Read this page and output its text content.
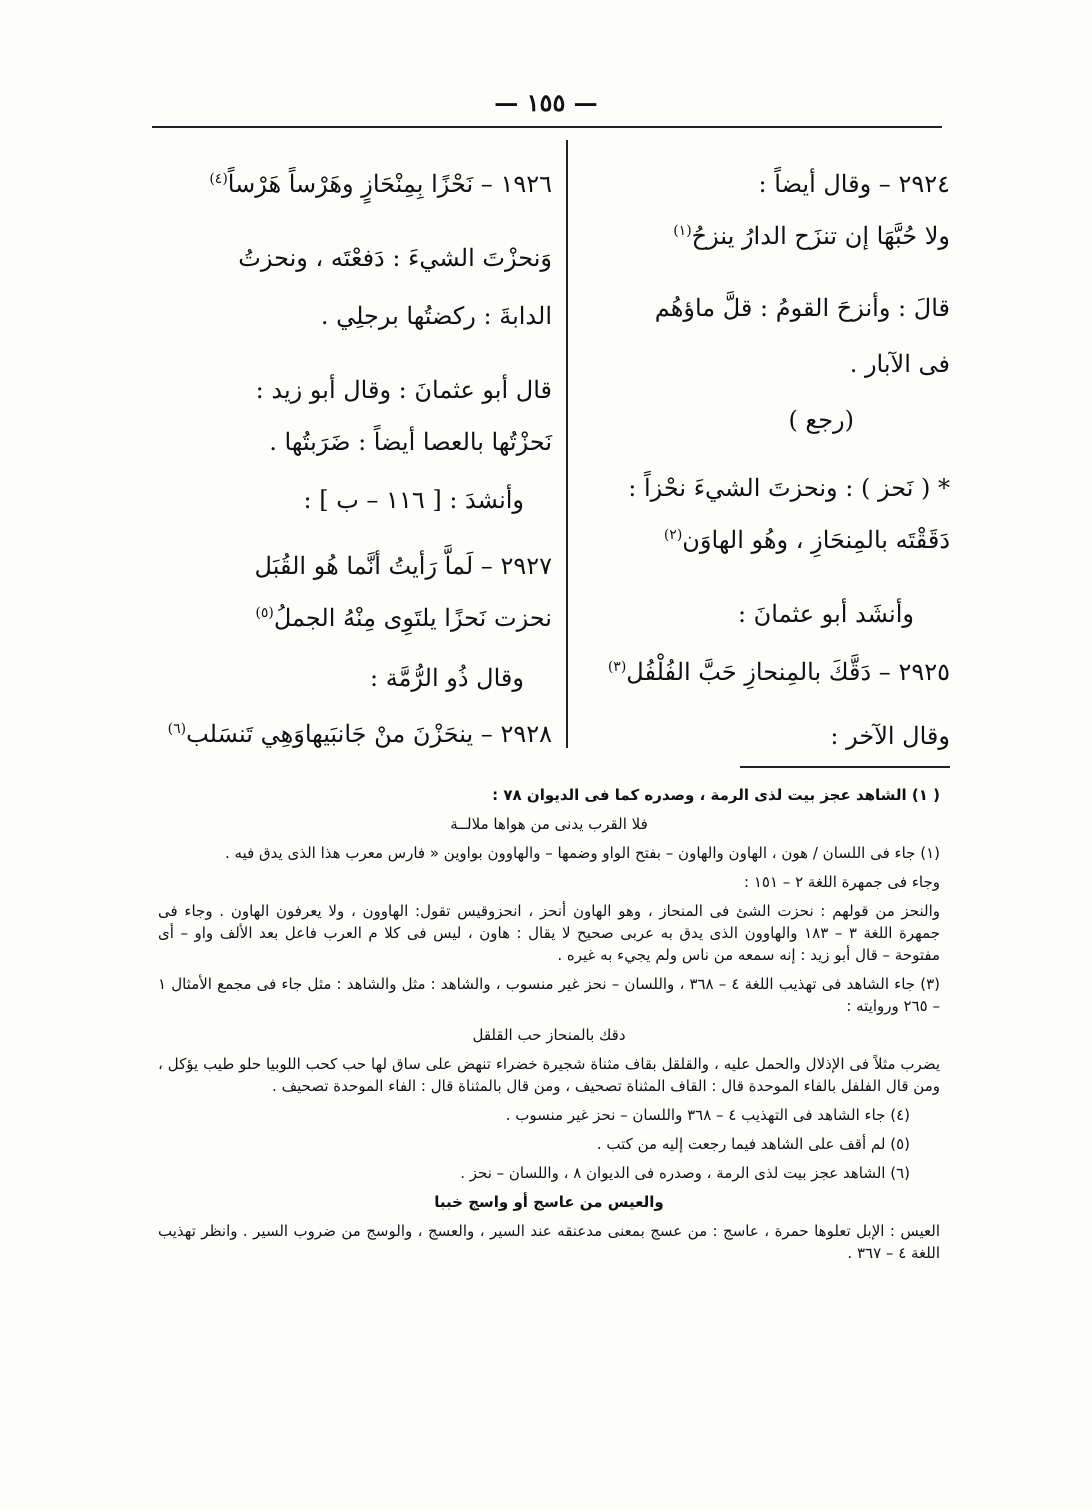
— ١٥٥ —
٢٩٢٤ – وقال أيضاً :
ولا حُبَّهَا إن تنزَح الدارُ ينزحُ$^{(١)}$
قالَ : وأنزحَ القومُ : قلَّ ماؤهُم
فى الآبار .
(رجع )
* ( نَحز ) : ونحزتَ الشيءَ نحْزاً :
دَقَقْتَه بالمِنحَازِ ، وهُو الهاوَن$^{(٢)}$
وأنشَد أبو عثمانَ :
٢٩٢٥ – دَقَّكَ بالمِنحازِ حَبَّ الفُلْفُل$^{(٣)}$
وقال الآخر :
١٩٢٦ – نَحْزًا بِمِنْحَازٍ وهَرْساً هَرْساً$^{(٤)}$
وَنحزْتَ الشيءَ : دَفعْتَه ، ونحزتُ
الدابةَ : ركضتُها برجلِي .
قال أبو عثمانَ : وقال أبو زيد :
نَحزْتُها بالعصا أيضاً : ضَرَبتُها .
وأنشدَ : [ ١١٦ – ب ] :
٢٩٢٧ – لَماَّ رَأيتُ أنَّما هُو القُبَل
نحزت نَحزًا يلتَوِى مِنْهُ الجملُ$^{(٥)}$
وقال ذُو الرُّمَّة :
٢٩٢٨ – ينحَزْنَ منْ جَانبَيهاوَهِي تَنسَلب$^{(٦)}$

( ١) الشاهد عجز بيت لذى الرمة ، وصدره كما فى الديوان ٧٨ :

فلا القرب يدنى من هواها ملالــة

(١) جاء فى اللسان / هون ، الهاون والهاون – بفتح الواو وضمها – والهاوون بواوين « فارس معرب هذا الذى يدق فيه .

وجاء فى جمهرة اللغة ٢ – ١٥١ :

والنحز من قولهم : نحزت الشئ فى المنحاز ، وهو الهاون أنحز ، انحزوقيس تقول: الهاوون ، ولا يعرفون الهاون . وجاء فى جمهرة اللغة ٣ – ١٨٣ والهاوون الذى يدق به عربى صحيح لا يقال : هاون ، ليس فى كلا م العرب فاعل بعد الألف واو – أى مفتوحة – قال أبو زيد : إنه سمعه من ناس ولم يجيء به غيره .

(٣) جاء الشاهد فى تهذيب اللغة ٤ – ٣٦٨ ، واللسان – نحز غير منسوب ، والشاهد : مثل والشاهد : مثل جاء فى مجمع الأمثال ١ – ٢٦٥ وروايته :

دقك بالمنحاز حب القلقل

يضرب مثلاً فى الإذلال والحمل عليه ، والقلقل بقاف مثناة شجيرة خضراء تنهض على ساق لها حب كحب اللوبيا حلو طيب يؤكل ، ومن قال الفلفل بالفاء الموحدة قال : القاف المثناة تصحيف ، ومن قال بالمثناة قال : الفاء الموحدة تصحيف .

(٤) جاء الشاهد فى التهذيب ٤ – ٣٦٨ واللسان – نحز غير منسوب .

(٥) لم أقف على الشاهد فيما رجعت إليه من كتب .

(٦) الشاهد عجز بيت لذى الرمة ، وصدره فى الديوان ٨ ، واللسان – نحز .

والعيس من عاسج أو واسج خببا

العيس : الإبل تعلوها حمرة ، عاسج : من عسج بمعنى مدعنقه عند السير ، والعسج ، والوسج من ضروب السير . وانظر تهذيب اللغة ٤ – ٣٦٧ .
